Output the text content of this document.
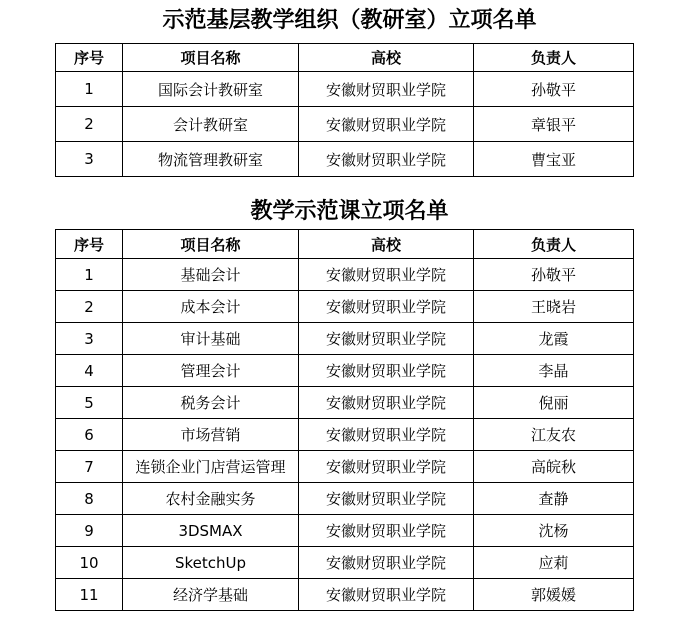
示范基层教学组织（教研室）立项名单
序号	项目名称	高校	负责人
1	国际会计教研室	安徽财贸职业学院	孙敬平
2	会计教研室	安徽财贸职业学院	章银平
3	物流管理教研室	安徽财贸职业学院	曹宝亚
教学示范课立项名单
序号	项目名称	高校	负责人
1	基础会计	安徽财贸职业学院	孙敬平
2	成本会计	安徽财贸职业学院	王晓岩
3	审计基础	安徽财贸职业学院	龙霞
4	管理会计	安徽财贸职业学院	李晶
5	税务会计	安徽财贸职业学院	倪丽
6	市场营销	安徽财贸职业学院	江友农
7	连锁企业门店营运管理	安徽财贸职业学院	高皖秋
8	农村金融实务	安徽财贸职业学院	查静
9	3DSMAX	安徽财贸职业学院	沈杨
10	SketchUp	安徽财贸职业学院	应莉
11	经济学基础	安徽财贸职业学院	郭媛媛
